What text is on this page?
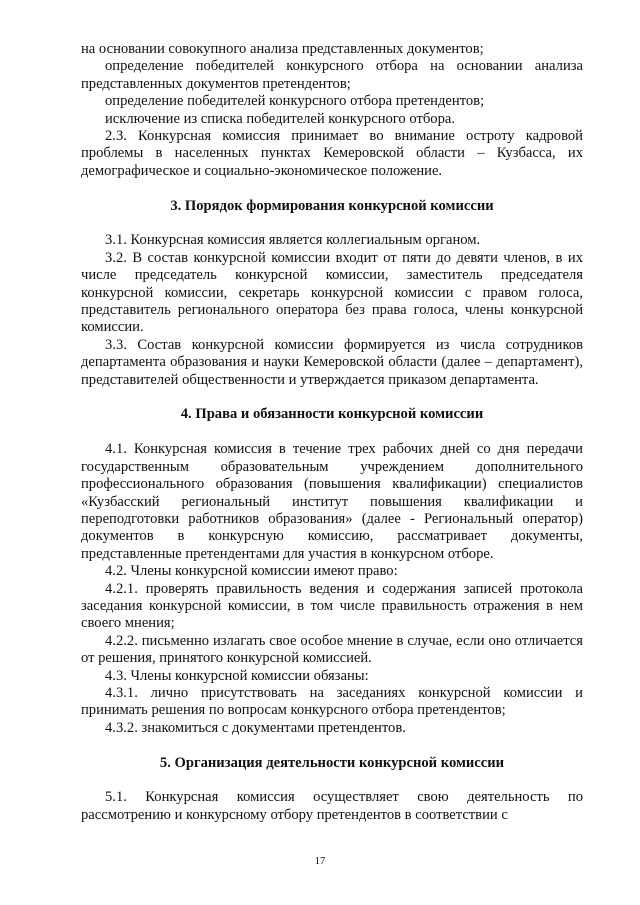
на основании совокупного анализа представленных документов;

определение победителей конкурсного отбора на основании анализа представленных документов претендентов;

определение победителей конкурсного отбора претендентов;

исключение из списка победителей конкурсного отбора.

2.3. Конкурсная комиссия принимает во внимание остроту кадровой проблемы в населенных пунктах Кемеровской области – Кузбасса, их демографическое и социально-экономическое положение.

3. Порядок формирования конкурсной комиссии

3.1. Конкурсная комиссия является коллегиальным органом.

3.2. В состав конкурсной комиссии входит от пяти до девяти членов, в их числе председатель конкурсной комиссии, заместитель председателя конкурсной комиссии, секретарь конкурсной комиссии с правом голоса, представитель регионального оператора без права голоса, члены конкурсной комиссии.

3.3. Состав конкурсной комиссии формируется из числа сотрудников департамента образования и науки Кемеровской области (далее – департамент), представителей общественности и утверждается приказом департамента.

4. Права и обязанности конкурсной комиссии

4.1. Конкурсная комиссия в течение трех рабочих дней со дня передачи государственным образовательным учреждением дополнительного профессионального образования (повышения квалификации) специалистов «Кузбасский региональный институт повышения квалификации и переподготовки работников образования» (далее - Региональный оператор) документов в конкурсную комиссию, рассматривает документы, представленные претендентами для участия в конкурсном отборе.

4.2. Члены конкурсной комиссии имеют право:

4.2.1. проверять правильность ведения и содержания записей протокола заседания конкурсной комиссии, в том числе правильность отражения в нем своего мнения;

4.2.2. письменно излагать свое особое мнение в случае, если оно отличается от решения, принятого конкурсной комиссией.

4.3. Члены конкурсной комиссии обязаны:

4.3.1. лично присутствовать на заседаниях конкурсной комиссии и принимать решения по вопросам конкурсного отбора претендентов;

4.3.2. знакомиться с документами претендентов.

5. Организация деятельности конкурсной комиссии

5.1. Конкурсная комиссия осуществляет свою деятельность по рассмотрению и конкурсному отбору претендентов в соответствии с

17
